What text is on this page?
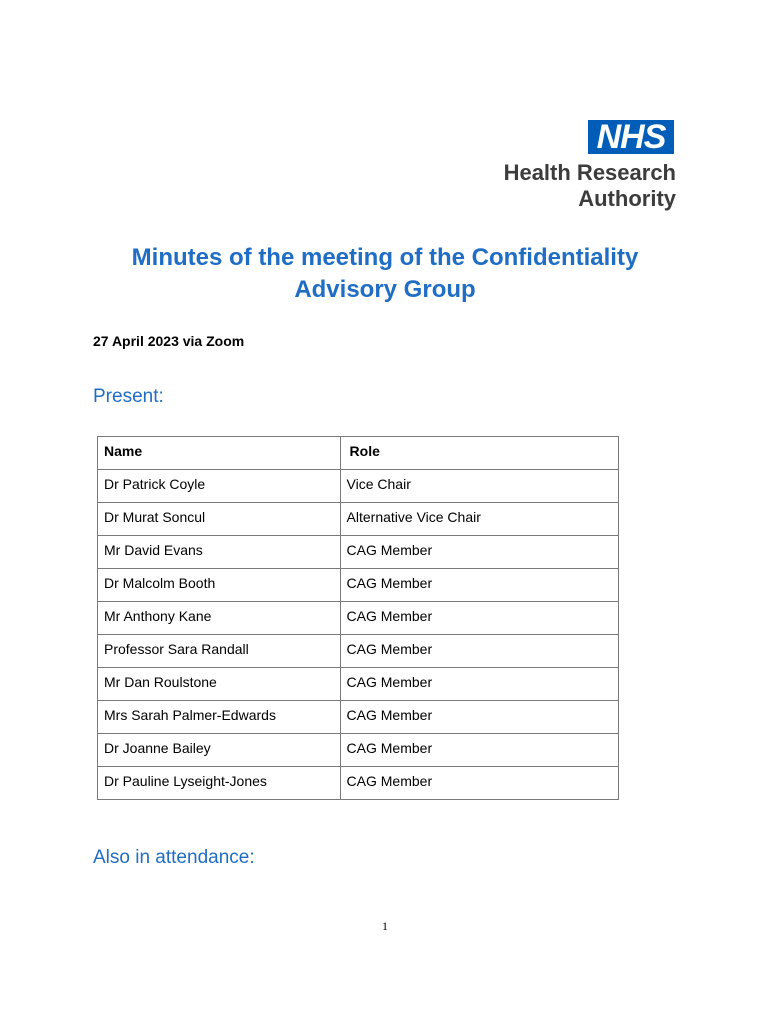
NHS
Health Research
Authority
Minutes of the meeting of the Confidentiality
Advisory Group
27 April 2023 via Zoom
Present:
Name	Role
Dr Patrick Coyle	Vice Chair
Dr Murat Soncul	Alternative Vice Chair
Mr David Evans	CAG Member
Dr Malcolm Booth	CAG Member
Mr Anthony Kane	CAG Member
Professor Sara Randall	CAG Member
Mr Dan Roulstone	CAG Member
Mrs Sarah Palmer-Edwards	CAG Member
Dr Joanne Bailey	CAG Member
Dr Pauline Lyseight-Jones	CAG Member
Also in attendance:
1
